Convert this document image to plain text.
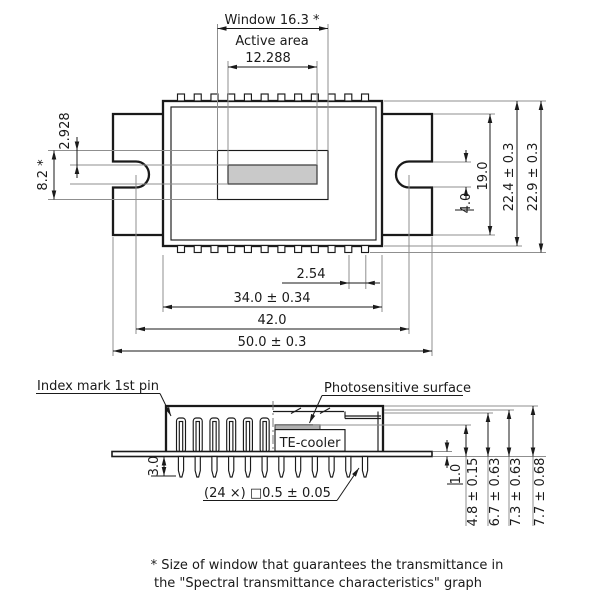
Window 16.3 *
Active area
12.288
2.928
8.2 *
4.0
19.0 22.4 ± 0.3 22.9 ± 0.3
2.54
34.0 ± 0.34
42.0
50.0 ± 0.3
TE-cooler
Index mark 1st pin	Photosensitive surface
(24 ×) □0.5 ± 0.05
3.0	1.0 4.8 ± 0.15 6.7 ± 0.63 7.3 ± 0.63 7.7 ± 0.68
* Size of window that guarantees the transmittance in
the "Spectral transmittance characteristics" graph
